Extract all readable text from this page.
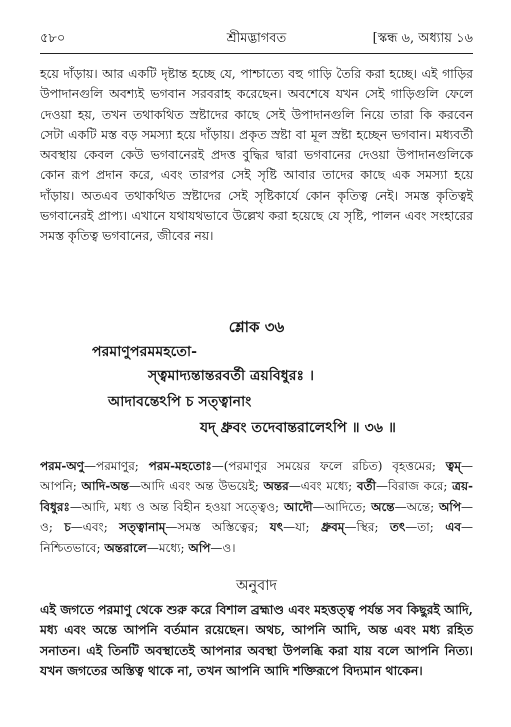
৫৮০	শ্রীমদ্ভাগবত	[স্কন্ধ ৬, অধ্যায় ১৬
হয়ে দাঁড়ায়। আর একটি দৃষ্টান্ত হচ্ছে যে, পাশ্চাত্যে বহু গাড়ি তৈরি করা হচ্ছে। এই গাড়ির উপাদানগুলি অবশ্যই ভগবান সরবরাহ করেছেন। অবশেষে যখন সেই গাড়িগুলি ফেলে দেওয়া হয়, তখন তথাকথিত স্রষ্টাদের কাছে সেই উপাদানগুলি নিয়ে তারা কি করবেন সেটা একটি মস্ত বড় সমস্যা হয়ে দাঁড়ায়। প্রকৃত স্রষ্টা বা মূল স্রষ্টা হচ্ছেন ভগবান। মধ্যবর্তী অবস্থায় কেবল কেউ ভগবানেরই প্রদত্ত বুদ্ধির দ্বারা ভগবানের দেওয়া উপাদানগুলিকে কোন রূপ প্রদান করে, এবং তারপর সেই সৃষ্টি আবার তাদের কাছে এক সমস্যা হয়ে দাঁড়ায়। অতএব তথাকথিত স্রষ্টাদের সেই সৃষ্টিকার্যে কোন কৃতিত্ব নেই। সমস্ত কৃতিত্বই ভগবানেরই প্রাপ্য। এখানে যথাযথভাবে উল্লেখ করা হয়েছে যে সৃষ্টি, পালন এবং সংহারের সমস্ত কৃতিত্ব ভগবানের, জীবের নয়।
শ্লোক ৩৬
পরমাণুপরমমহতো-
স্ত্বমাদ্যন্তান্তরবর্তী ত্রয়বিধুরঃ ।
আদাবন্তেঽপি চ সত্ত্বানাং
যদ্ ধ্রুবং তদেবান্তরালেঽপি ॥ ৩৬ ॥
পরম-অণু—পরমাণুর; পরম-মহতোঃ—(পরমাণুর সময়ের ফলে রচিত) বৃহত্তমের; ত্বম্—আপনি; আদি-অন্ত—আদি এবং অন্ত উভয়েই; অন্তর—এবং মধ্যে; বর্তী—বিরাজ করে; ত্রয়-বিধুরঃ—আদি, মধ্য ও অন্ত বিহীন হওয়া সত্ত্বেও; আদৌ—আদিতে; অন্তে—অন্তে; অপি—ও; চ—এবং; সত্ত্বানাম্—সমস্ত অস্তিত্বের; যৎ—যা; ধ্রুবম্—স্থির; তৎ—তা; এব—নিশ্চিতভাবে; অন্তরালে—মধ্যে; অপি—ও।
অনুবাদ
এই জগতে পরমাণু থেকে শুরু করে বিশাল ব্রহ্মাণ্ড এবং মহত্তত্ত্ব পর্যন্ত সব কিছুরই আদি, মধ্য এবং অন্তে আপনি বর্তমান রয়েছেন। অথচ, আপনি আদি, অন্ত এবং মধ্য রহিত সনাতন। এই তিনটি অবস্থাতেই আপনার অবস্থা উপলব্ধি করা যায় বলে আপনি নিত্য। যখন জগতের অস্তিত্ব থাকে না, তখন আপনি আদি শক্তিরূপে বিদ্যমান থাকেন।
